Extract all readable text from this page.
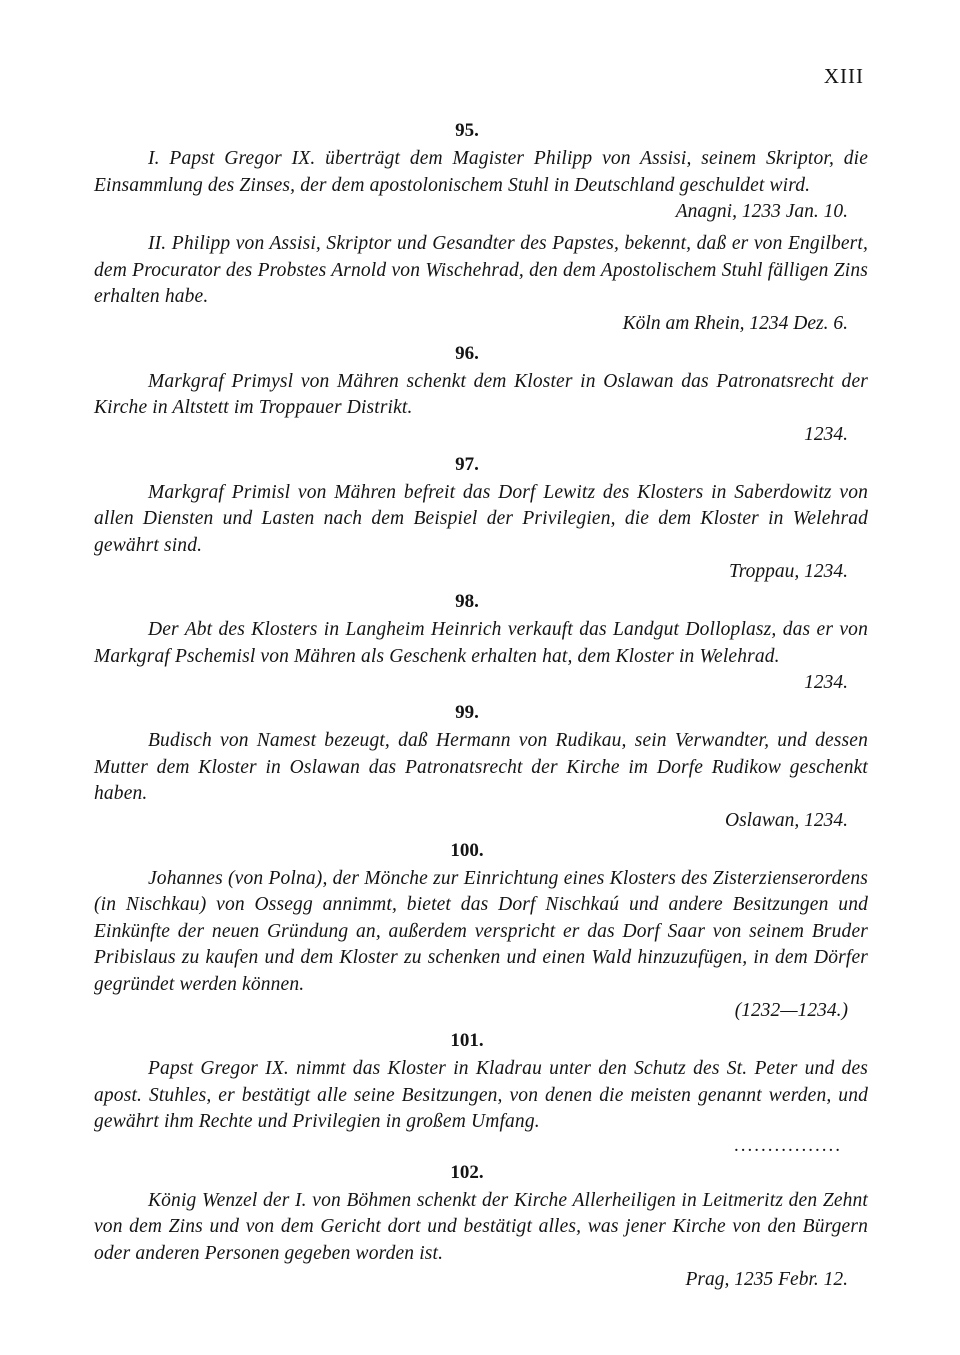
XIII
95.

I. Papst Gregor IX. überträgt dem Magister Philipp von Assisi, seinem Skriptor, die Einsammlung des Zinses, der dem apostolonischem Stuhl in Deutschland geschuldet wird.

Anagni, 1233 Jan. 10.

II. Philipp von Assisi, Skriptor und Gesandter des Papstes, bekennt, daß er von Engilbert, dem Procurator des Probstes Arnold von Wischehrad, den dem Apostolischem Stuhl fälligen Zins erhalten habe.

Köln am Rhein, 1234 Dez. 6.

96.

Markgraf Primysl von Mähren schenkt dem Kloster in Oslawan das Patronatsrecht der Kirche in Altstett im Troppauer Distrikt.

1234.

97.

Markgraf Primisl von Mähren befreit das Dorf Lewitz des Klosters in Saberdowitz von allen Diensten und Lasten nach dem Beispiel der Privilegien, die dem Kloster in Welehrad gewährt sind.

Troppau, 1234.

98.

Der Abt des Klosters in Langheim Heinrich verkauft das Landgut Dolloplasz, das er von Markgraf Pschemisl von Mähren als Geschenk erhalten hat, dem Kloster in Welehrad.

1234.

99.

Budisch von Namest bezeugt, daß Hermann von Rudikau, sein Verwandter, und dessen Mutter dem Kloster in Oslawan das Patronatsrecht der Kirche im Dorfe Rudikow geschenkt haben.

Oslawan, 1234.

100.

Johannes (von Polna), der Mönche zur Einrichtung eines Klosters des Zisterzienserordens (in Nischkau) von Ossegg annimmt, bietet das Dorf Nischkaú und andere Besitzungen und Einkünfte der neuen Gründung an, außerdem verspricht er das Dorf Saar von seinem Bruder Pribislaus zu kaufen und dem Kloster zu schenken und einen Wald hinzuzufügen, in dem Dörfer gegründet werden können.

(1232—1234.)

101.

Papst Gregor IX. nimmt das Kloster in Kladrau unter den Schutz des St. Peter und des apost. Stuhles, er bestätigt alle seine Besitzungen, von denen die meisten genannt werden, und gewährt ihm Rechte und Privilegien in großem Umfang.

................
102.

König Wenzel der I. von Böhmen schenkt der Kirche Allerheiligen in Leitmeritz den Zehnt von dem Zins und von dem Gericht dort und bestätigt alles, was jener Kirche von den Bürgern oder anderen Personen gegeben worden ist.

Prag, 1235 Febr. 12.
